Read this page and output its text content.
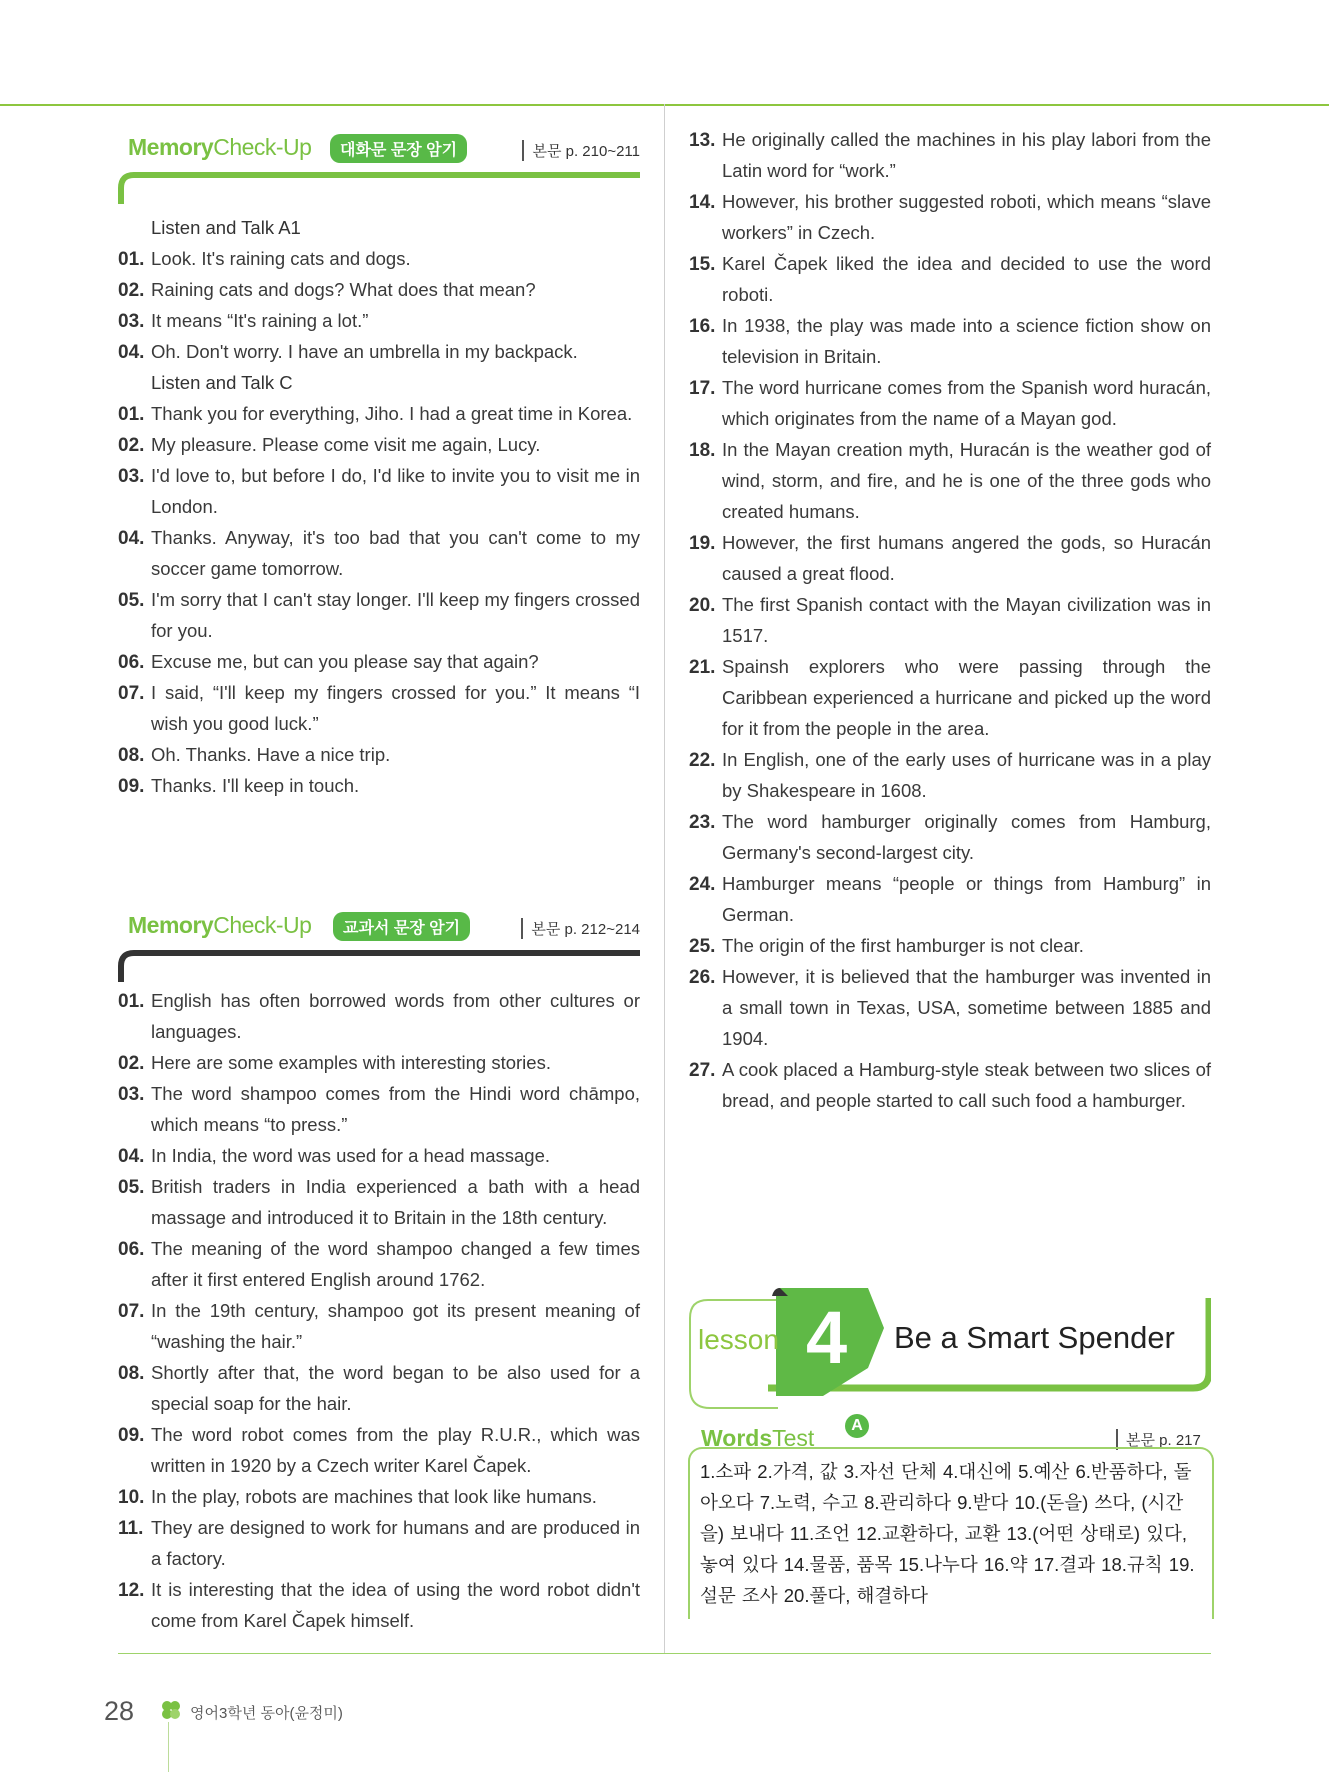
MemoryCheck-Up	대화문 문장 암기	본문 p. 210~211
Listen and Talk A1
01. Look. It's raining cats and dogs.
02. Raining cats and dogs? What does that mean?
03. It means “It's raining a lot.”
04. Oh. Don't worry. I have an umbrella in my backpack.
Listen and Talk C
01. Thank you for everything, Jiho. I had a great time in Korea.
02. My pleasure. Please come visit me again, Lucy.
03. I'd love to, but before I do, I'd like to invite you to visit me in London.
04. Thanks. Anyway, it's too bad that you can't come to my soccer game tomorrow.
05. I'm sorry that I can't stay longer. I'll keep my fingers crossed for you.
06. Excuse me, but can you please say that again?
07. I said, “I'll keep my fingers crossed for you.” It means “I wish you good luck.”
08. Oh. Thanks. Have a nice trip.
09. Thanks. I'll keep in touch.
MemoryCheck-Up	교과서 문장 암기	본문 p. 212~214
01. English has often borrowed words from other cultures or languages.
02. Here are some examples with interesting stories.
03. The word shampoo comes from the Hindi word chāmpo, which means “to press.”
04. In India, the word was used for a head massage.
05. British traders in India experienced a bath with a head massage and introduced it to Britain in the 18th century.
06. The meaning of the word shampoo changed a few times after it first entered English around 1762.
07. In the 19th century, shampoo got its present meaning of “washing the hair.”
08. Shortly after that, the word began to be also used for a special soap for the hair.
09. The word robot comes from the play R.U.R., which was written in 1920 by a Czech writer Karel Čapek.
10. In the play, robots are machines that look like humans.
11. They are designed to work for humans and are produced in a factory.
12. It is interesting that the idea of using the word robot didn't come from Karel Čapek himself.
13. He originally called the machines in his play labori from the Latin word for “work.”
14. However, his brother suggested roboti, which means “slave workers” in Czech.
15. Karel Čapek liked the idea and decided to use the word roboti.
16. In 1938, the play was made into a science fiction show on television in Britain.
17. The word hurricane comes from the Spanish word huracán, which originates from the name of a Mayan god.
18. In the Mayan creation myth, Huracán is the weather god of wind, storm, and fire, and he is one of the three gods who created humans.
19. However, the first humans angered the gods, so Huracán caused a great flood.
20. The first Spanish contact with the Mayan civilization was in 1517.
21. Spainsh explorers who were passing through the Caribbean experienced a hurricane and picked up the word for it from the people in the area.
22. In English, one of the early uses of hurricane was in a play by Shakespeare in 1608.
23. The word hamburger originally comes from Hamburg, Germany's second-largest city.
24. Hamburger means “people or things from Hamburg” in German.
25. The origin of the first hamburger is not clear.
26. However, it is believed that the hamburger was invented in a small town in Texas, USA, sometime between 1885 and 1904.
27. A cook placed a Hamburg-style steak between two slices of bread, and people started to call such food a hamburger.
lesson 4 Be a Smart Spender
WordsTest	A
본문 p. 217
1.소파 2.가격, 값 3.자선 단체 4.대신에 5.예산 6.반품하다, 돌아오다 7.노력, 수고 8.관리하다 9.받다 10.(돈을) 쓰다, (시간을) 보내다 11.조언 12.교환하다, 교환 13.(어떤 상태로) 있다, 놓여 있다 14.물품, 품목 15.나누다 16.약 17.결과 18.규칙 19.설문 조사 20.풀다, 해결하다
28	영어3학년 동아(윤정미)
